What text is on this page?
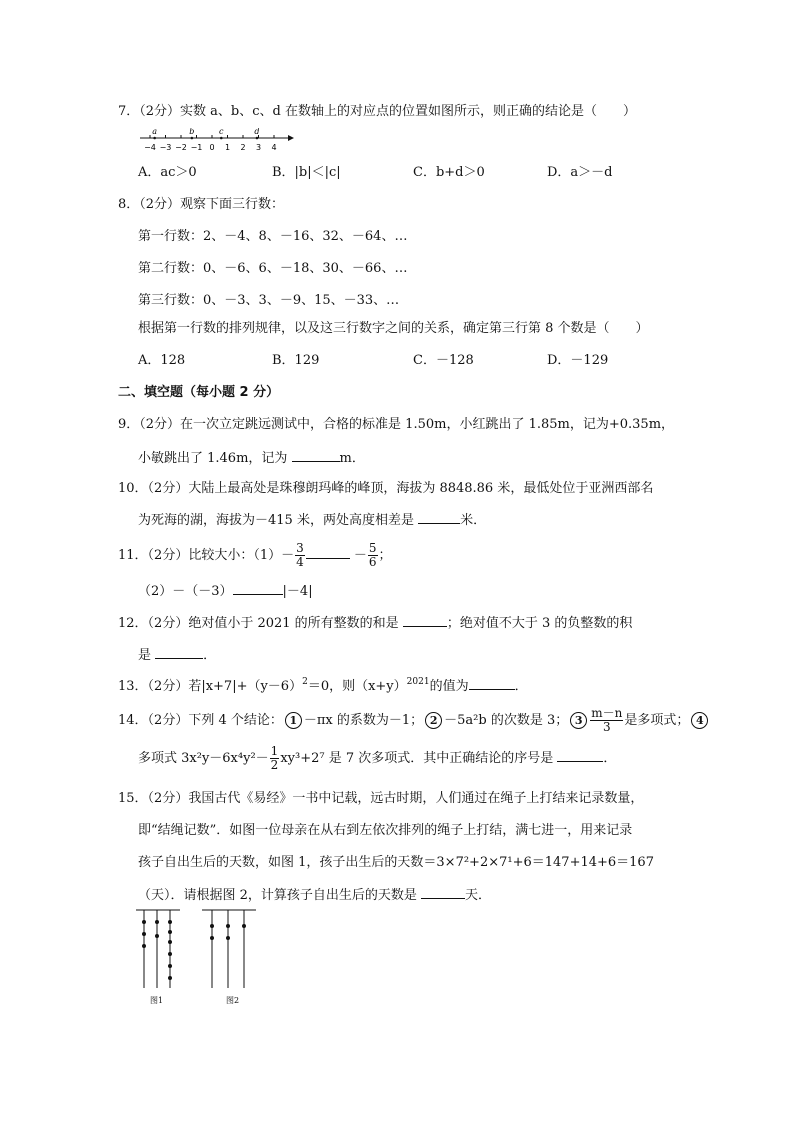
7．（2分）实数 a、b、c、d 在数轴上的对应点的位置如图所示，则正确的结论是（　　）
−4 −3 −2 −1 0 1 2 3 4
a	b	c	d
A．ac＞0	B．|b|＜|c|	C．b+d＞0	D．a＞－d
8．（2分）观察下面三行数：
第一行数：2、－4、8、－16、32、－64、…
第二行数：0、－6、6、－18、30、－66、…
第三行数：0、－3、3、－9、15、－33、…
根据第一行数的排列规律，以及这三行数字之间的关系，确定第三行第 8 个数是（　　）
A．128	B．129	C．－128	D．－129
二、填空题（每小题 2 分）
9．（2分）在一次立定跳远测试中，合格的标准是 1.50m，小红跳出了 1.85m，记为+0.35m，
小敏跳出了 1.46m，记为	m．
10．（2分）大陆上最高处是珠穆朗玛峰的峰顶，海拔为 8848.86 米，最低处位于亚洲西部名
为死海的湖，海拔为－415 米，两处高度相差是	米．
11．（2分）比较大小：$(1)- \frac{3}{4}$	－ $\frac{5}{6}$ ；
（2）－（－3）	|－4|
12．（2分）绝对值小于 2021 的所有整数的和是	；绝对值不大于 3 的负整数的积
是	．
13．（2分）若$|x+7|+(y-6)^2=0$，则$(x+y)^{2021}$的值为	．
14．（2分）下列 4 个结论： 1 －πx 的系数为－1； 2 －5a²b 的次数是 3； $3 \frac{m-n}{3}$ 是多项式； 4
多项式 $3x^2y-6x^4y^2- \frac{1}{2} xy^3+2^7$ 是 7 次多项式．其中正确结论的序号是	．
15．（2分）我国古代《易经》一书中记载，远古时期，人们通过在绳子上打结来记录数量，
即“结绳记数”．如图一位母亲在从右到左依次排列的绳子上打结，满七进一，用来记录
孩子自出生后的天数，如图 1，孩子出生后的天数＝3×7²+2×7¹+6＝147+14+6＝167
（天）．请根据图 2，计算孩子自出生后的天数是	天．
图1	图2
